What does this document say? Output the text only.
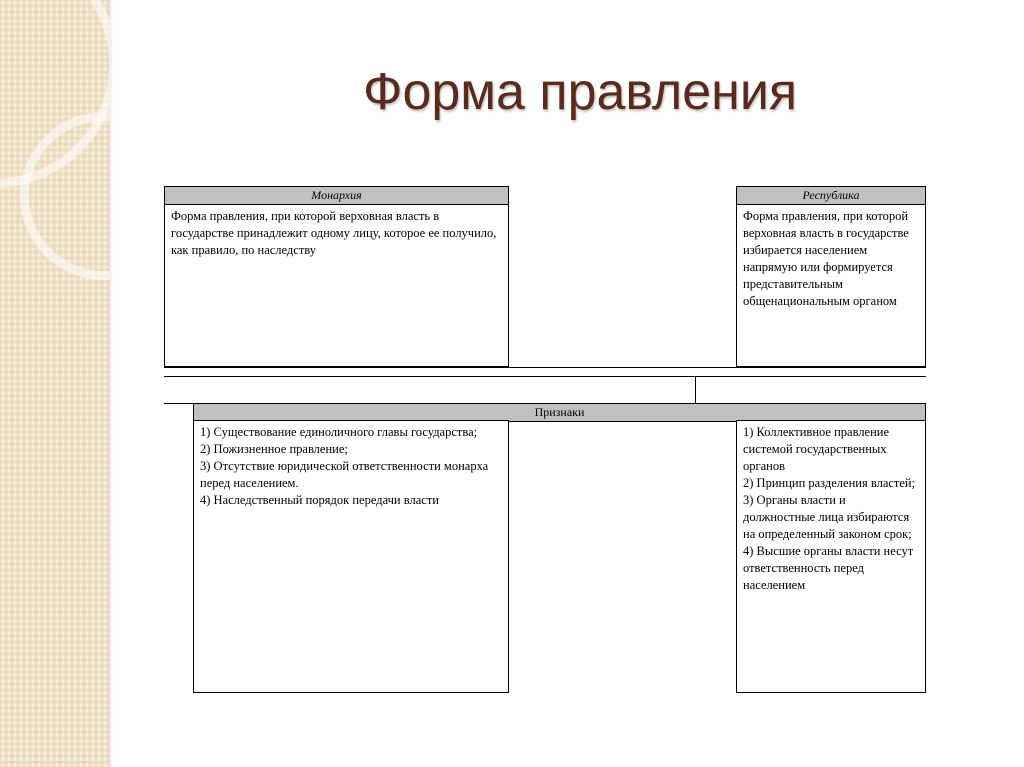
Форма правления
Монархия
Форма правления, при которой верховная власть в государстве принадлежит одному лицу, которое ее получило, как правило, по наследству
Республика
Форма правления, при которой верховная власть в государстве избирается населением напрямую или формируется представительным общенациональным органом
Признаки
1) Существование единоличного главы государства;
2) Пожизненное правление;
3) Отсутствие юридической ответственности монарха перед населением.
4) Наследственный порядок передачи власти
1) Коллективное правление системой государственных органов
2) Принцип разделения властей;
3) Органы власти и должностные лица избираются на определенный законом срок;
4) Высшие органы власти несут ответственность перед населением
